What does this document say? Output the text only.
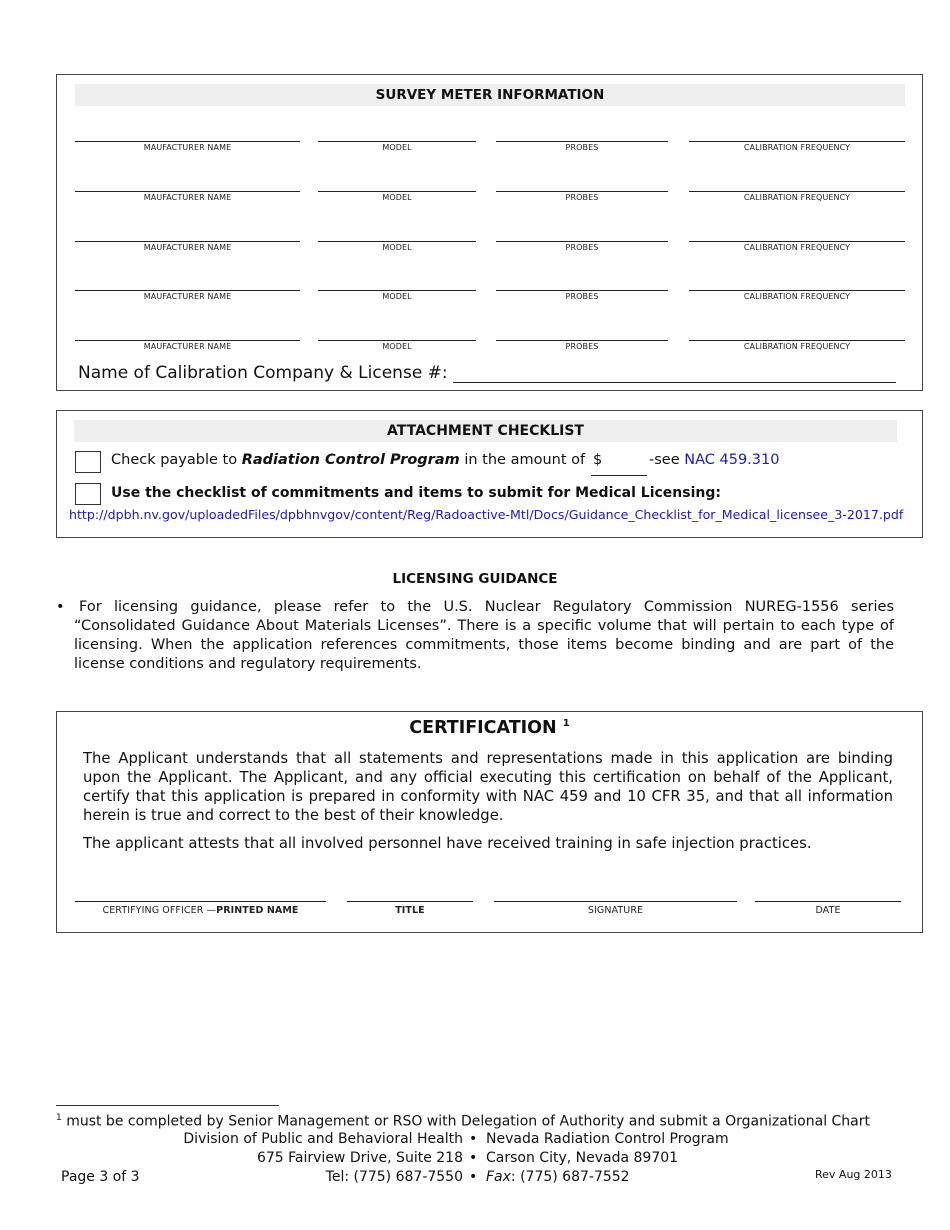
SURVEY METER INFORMATION
MAUFACTURER NAME	MODEL	PROBES	CALIBRATION FREQUENCY
MAUFACTURER NAME	MODEL	PROBES	CALIBRATION FREQUENCY
MAUFACTURER NAME	MODEL	PROBES	CALIBRATION FREQUENCY
MAUFACTURER NAME	MODEL	PROBES	CALIBRATION FREQUENCY
MAUFACTURER NAME	MODEL	PROBES	CALIBRATION FREQUENCY
Name of Calibration Company & License #:
ATTACHMENT CHECKLIST
Check payable to Radiation Control Program in the amount of $	-see NAC 459.310
Use the checklist of commitments and items to submit for Medical Licensing:
http://dpbh.nv.gov/uploadedFiles/dpbhnvgov/content/Reg/Radoactive-Mtl/Docs/Guidance_Checklist_for_Medical_licensee_3-2017.pdf
LICENSING GUIDANCE
• For licensing guidance, please refer to the U.S. Nuclear Regulatory Commission NUREG-1556 series “Consolidated Guidance About Materials Licenses”. There is a specific volume that will pertain to each type of licensing. When the application references commitments, those items become binding and are part of the license conditions and regulatory requirements.
CERTIFICATION $^1$
The Applicant understands that all statements and representations made in this application are binding upon the Applicant. The Applicant, and any official executing this certification on behalf of the Applicant, certify that this application is prepared in conformity with NAC 459 and 10 CFR 35, and that all information herein is true and correct to the best of their knowledge.
The applicant attests that all involved personnel have received training in safe injection practices.
CERTIFYING OFFICER —PRINTED NAME	TITLE	SIGNATURE	DATE
$^1$ must be completed by Senior Management or RSO with Delegation of Authority and submit a Organizational Chart
Division of Public and Behavioral Health • Nevada Radiation Control Program
675 Fairview Drive, Suite 218 • Carson City, Nevada 89701
Page 3 of 3	Tel: (775) 687-7550 • Fax: (775) 687-7552	Rev Aug 2013
